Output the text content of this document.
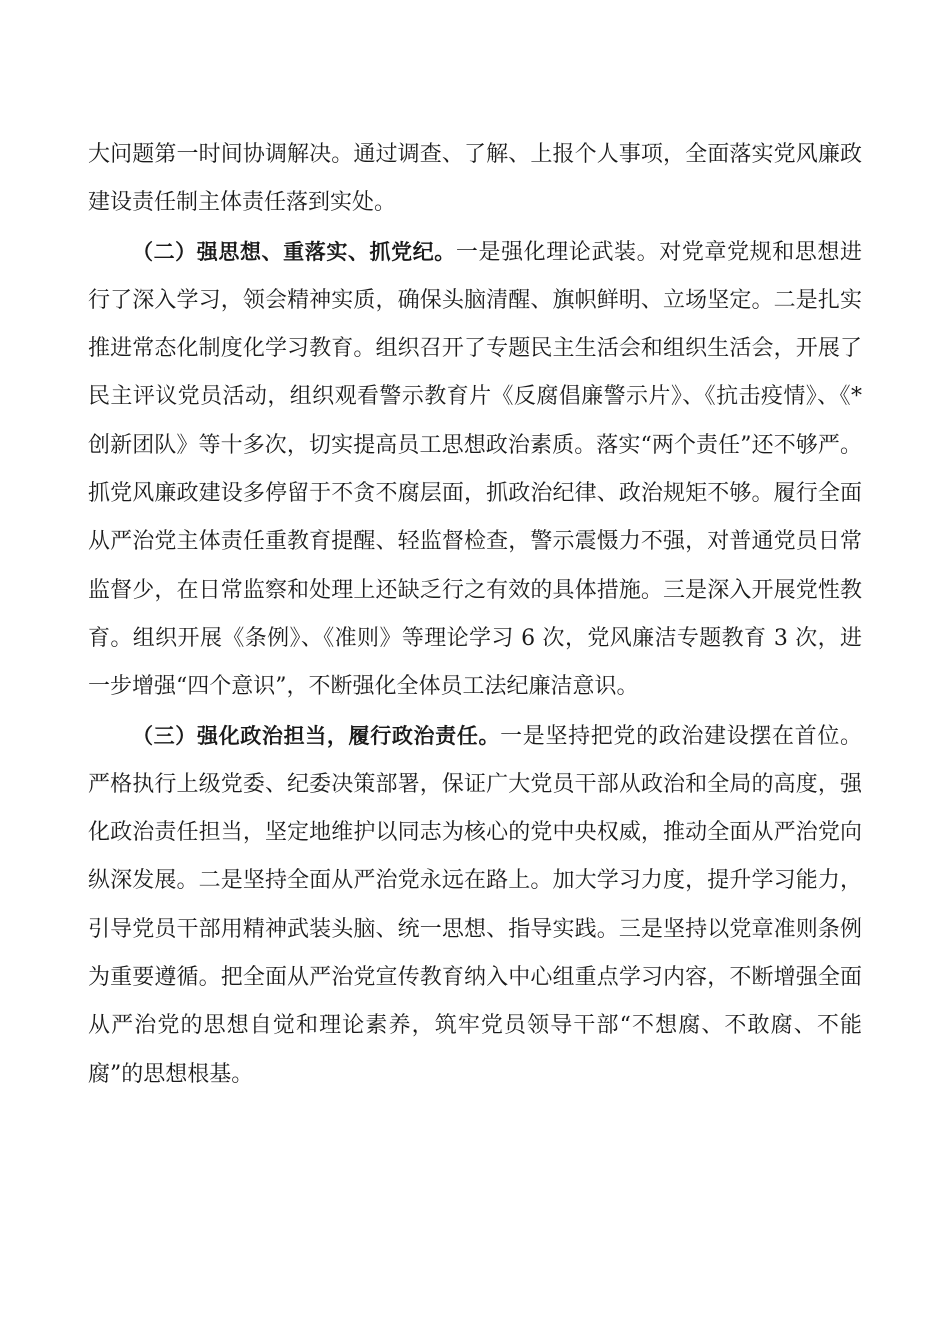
大问题第一时间协调解决。通过调查、了解、上报个人事项，全面落实党风廉政建设责任制主体责任落到实处。

（二）强思想、重落实、抓党纪。一是强化理论武装。对党章党规和思想进行了深入学习，领会精神实质，确保头脑清醒、旗帜鲜明、立场坚定。二是扎实推进常态化制度化学习教育。组织召开了专题民主生活会和组织生活会，开展了民主评议党员活动，组织观看警示教育片《反腐倡廉警示片》、《抗击疫情》、《*创新团队》等十多次，切实提高员工思想政治素质。落实“两个责任”还不够严。抓党风廉政建设多停留于不贪不腐层面，抓政治纪律、政治规矩不够。履行全面从严治党主体责任重教育提醒、轻监督检查，警示震慑力不强，对普通党员日常监督少，在日常监察和处理上还缺乏行之有效的具体措施。三是深入开展党性教育。组织开展《条例》、《准则》等理论学习 6 次，党风廉洁专题教育 3 次，进一步增强“四个意识”，不断强化全体员工法纪廉洁意识。

（三）强化政治担当，履行政治责任。一是坚持把党的政治建设摆在首位。严格执行上级党委、纪委决策部署，保证广大党员干部从政治和全局的高度，强化政治责任担当，坚定地维护以同志为核心的党中央权威，推动全面从严治党向纵深发展。二是坚持全面从严治党永远在路上。加大学习力度，提升学习能力，引导党员干部用精神武装头脑、统一思想、指导实践。三是坚持以党章准则条例为重要遵循。把全面从严治党宣传教育纳入中心组重点学习内容，不断增强全面从严治党的思想自觉和理论素养，筑牢党员领导干部“不想腐、不敢腐、不能腐”的思想根基。
